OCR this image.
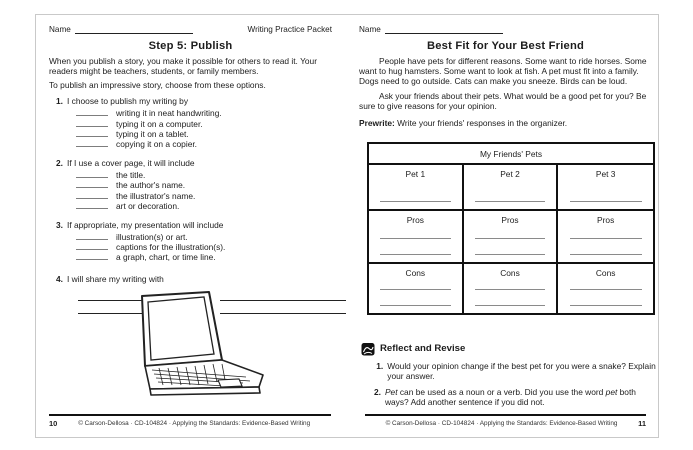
Name	Writing Practice Packet
Step 5: Publish

When you publish a story, you make it possible for others to read it. Your readers might be teachers, students, or family members.

To publish an impressive story, choose from these options.

1. I choose to publish my writing by
writing it in neat handwriting.
typing it on a computer.
typing it on a tablet.
copying it on a copier.
2. If I use a cover page, it will include
the title.
the author's name.
the illustrator's name.
art or decoration.
3. If appropriate, my presentation will include
illustration(s) or art.
captions for the illustration(s).
a graph, chart, or time line.
4. I will share my writing with
10	© Carson-Dellosa · CD-104824 · Applying the Standards: Evidence-Based Writing
Name
Best Fit for Your Best Friend

People have pets for different reasons. Some want to ride horses. Some want to hug hamsters. Some want to look at fish. A pet must fit into a family. Dogs need to go outside. Cats can make you sneeze. Birds can be loud.

Ask your friends about their pets. What would be a good pet for you? Be sure to give reasons for your opinion.

Prewrite: Write your friends' responses in the organizer.

My Friends' Pets
Pet 1	Pet 2	Pet 3
Pros	Pros	Pros
Cons	Cons	Cons
Reflect and Revise
1. Would your opinion change if the best pet for you were a snake? Explain your answer.
2. Pet can be used as a noun or a verb. Did you use the word pet both ways? Add another sentence if you did not.
© Carson-Dellosa · CD-104824 · Applying the Standards: Evidence-Based Writing	11
